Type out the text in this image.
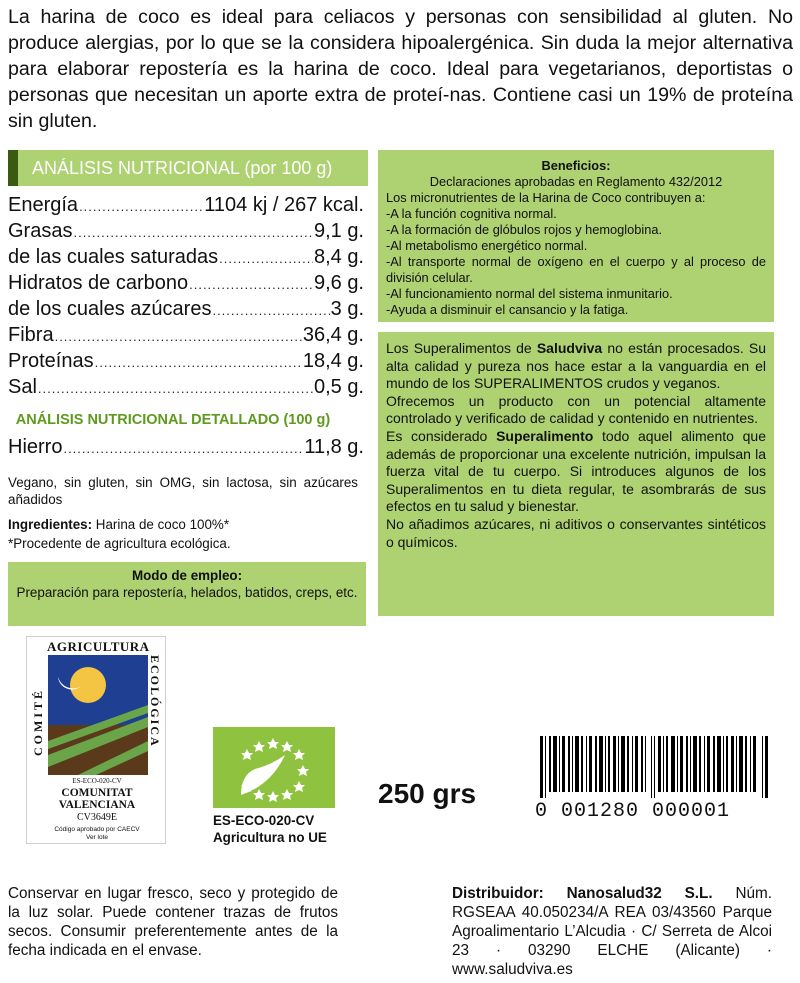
La harina de coco es ideal para celiacos y personas con sensibilidad al gluten. No produce alergias, por lo que se la considera hipoalergénica. Sin duda la mejor alternativa para elaborar repostería es la harina de coco. Ideal para vegetarianos, deportistas o personas que necesitan un aporte extra de proteí-nas. Contiene casi un 19% de proteína sin gluten.
ANÁLISIS NUTRICIONAL (por 100 g)
Energía .....	1104 kj / 267 kcal.
Grasas .....	9,1 g.
de las cuales saturadas .....	8,4 g.
Hidratos de carbono .....	9,6 g.
de los cuales azúcares .....	3 g.
Fibra .....	36,4 g.
Proteínas .....	18,4 g.
Sal .....	0,5 g.
ANÁLISIS NUTRICIONAL DETALLADO (100 g)
Hierro .....	11,8 g.
Vegano, sin gluten, sin OMG, sin lactosa, sin azúcares añadidos
Ingredientes: Harina de coco 100%*
*Procedente de agricultura ecológica.
Modo de empleo:
Preparación para repostería, helados, batidos, creps, etc.
Beneficios:
Declaraciones aprobadas en Reglamento 432/2012
Los micronutrientes de la Harina de Coco contribuyen a:
-A la función cognitiva normal.
-A la formación de glóbulos rojos y hemoglobina.
-Al metabolismo energético normal.
-Al transporte normal de oxígeno en el cuerpo y al proceso de división celular.
-Al funcionamiento normal del sistema inmunitario.
-Ayuda a disminuir el cansancio y la fatiga.

Los Superalimentos de Saludviva no están procesados. Su alta calidad y pureza nos hace estar a la vanguardia en el mundo de los SUPERALIMENTOS crudos y veganos.

Ofrecemos un producto con un potencial altamente controlado y verificado de calidad y contenido en nutrientes.

Es considerado Superalimento todo aquel alimento que además de proporcionar una excelente nutrición, impulsan la fuerza vital de tu cuerpo. Si introduces algunos de los Superalimentos en tu dieta regular, te asombrarás de sus efectos en tu salud y bienestar.

No añadimos azúcares, ni aditivos o conservantes sintéticos o químicos.

AGRICULTURA
COMITÉ	ECOLÓGICA
ES-ECO-020-CV
COMUNITAT
VALENCIANA
CV3649E
Código aprobado por CAECV
Ver lote
ES-ECO-020-CV
Agricultura no UE
250 grs
0 001280 000001
Conservar en lugar fresco, seco y protegido de la luz solar. Puede contener trazas de frutos secos. Consumir preferentemente antes de la fecha indicada en el envase.
Distribuidor: Nanosalud32 S.L. Núm. RGSEAA 40.050234/A REA 03/43560 Parque Agroalimentario L’Alcudia · C/ Serreta de Alcoi 23 · 03290 ELCHE (Alicante) · www.saludviva.es
